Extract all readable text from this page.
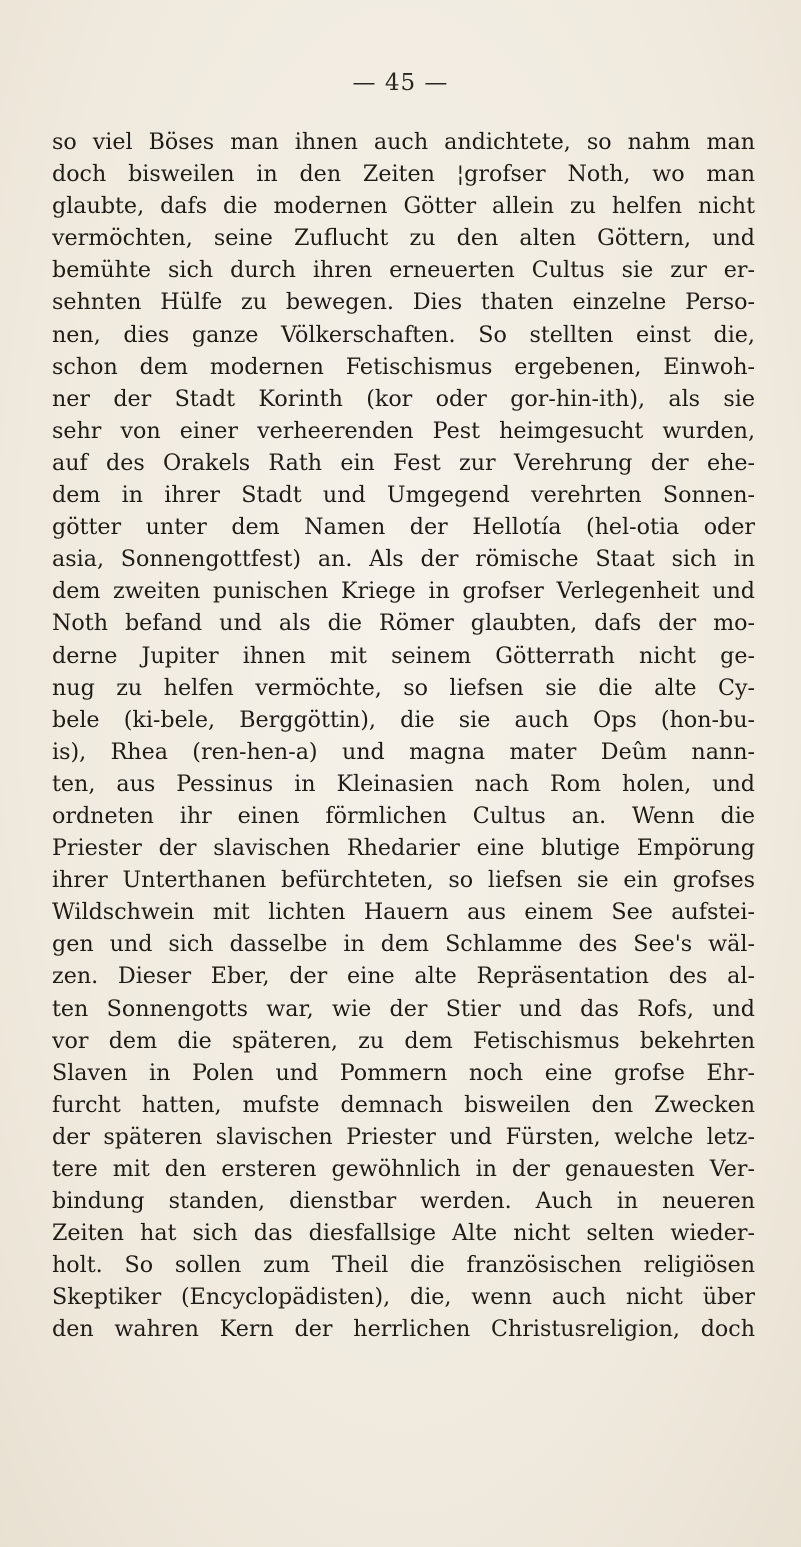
— 45 —
so viel Böses man ihnen auch andichtete, so nahm man
doch bisweilen in den Zeiten ¦grofser Noth, wo man
glaubte, dafs die modernen Götter allein zu helfen nicht
vermöchten, seine Zuflucht zu den alten Göttern, und
bemühte sich durch ihren erneuerten Cultus sie zur er-
sehnten Hülfe zu bewegen. Dies thaten einzelne Perso-
nen, dies ganze Völkerschaften. So stellten einst die,
schon dem modernen Fetischismus ergebenen, Einwoh-
ner der Stadt Korinth (kor oder gor-hin-ith), als sie
sehr von einer verheerenden Pest heimgesucht wurden,
auf des Orakels Rath ein Fest zur Verehrung der ehe-
dem in ihrer Stadt und Umgegend verehrten Sonnen-
götter unter dem Namen der Hellotía (hel-otia oder
asia, Sonnengottfest) an. Als der römische Staat sich in
dem zweiten punischen Kriege in grofser Verlegenheit und
Noth befand und als die Römer glaubten, dafs der mo-
derne Jupiter ihnen mit seinem Götterrath nicht ge-
nug zu helfen vermöchte, so liefsen sie die alte Cy-
bele (ki-bele, Berggöttin), die sie auch Ops (hon-bu-
is), Rhea (ren-hen-a) und magna mater Deûm nann-
ten, aus Pessinus in Kleinasien nach Rom holen, und
ordneten ihr einen förmlichen Cultus an. Wenn die
Priester der slavischen Rhedarier eine blutige Empörung
ihrer Unterthanen befürchteten, so liefsen sie ein grofses
Wildschwein mit lichten Hauern aus einem See aufstei-
gen und sich dasselbe in dem Schlamme des See's wäl-
zen. Dieser Eber, der eine alte Repräsentation des al-
ten Sonnengotts war, wie der Stier und das Rofs, und
vor dem die späteren, zu dem Fetischismus bekehrten
Slaven in Polen und Pommern noch eine grofse Ehr-
furcht hatten, mufste demnach bisweilen den Zwecken
der späteren slavischen Priester und Fürsten, welche letz-
tere mit den ersteren gewöhnlich in der genauesten Ver-
bindung standen, dienstbar werden. Auch in neueren
Zeiten hat sich das diesfallsige Alte nicht selten wieder-
holt. So sollen zum Theil die französischen religiösen
Skeptiker (Encyclopädisten), die, wenn auch nicht über
den wahren Kern der herrlichen Christusreligion, doch
